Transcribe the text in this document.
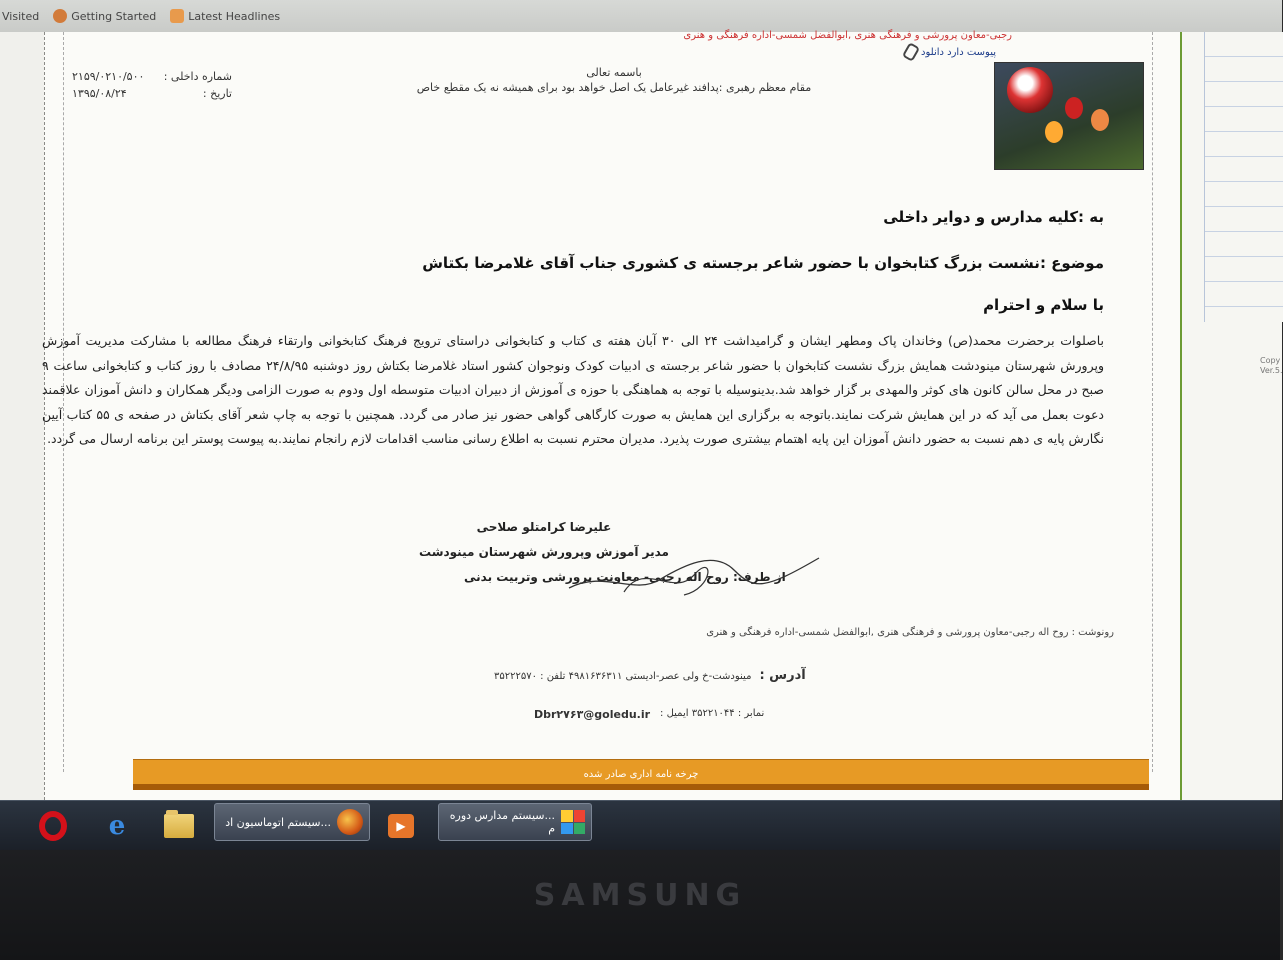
Visited	Getting Started	Latest Headlines
رجبی-معاون پرورشی و فرهنگی هنری ,ابوالفضل شمسی-اداره فرهنگی و هنری
پیوست دارد دانلود
باسمه تعالی
مقام معظم رهبری :پدافند غیرعامل یک اصل خواهد بود برای همیشه نه یک مقطع خاص
شماره داخلی :
۲۱۵۹/۰۲۱۰/۵۰۰
تاریخ :
۱۳۹۵/۰۸/۲۴
به :کلیه مدارس و دوایر داخلی
موضوع :نشست بزرگ کتابخوان با حضور شاعر برجسته ی کشوری جناب آقای غلامرضا بکتاش
با سلام و احترام
باصلوات برحضرت محمد(ص) وخاندان پاک ومطهر ایشان و گرامیداشت ۲۴ الی ۳۰ آبان هفته ی کتاب و کتابخوانی دراستای ترویج فرهنگ کتابخوانی وارتقاء فرهنگ مطالعه با مشارکت مدیریت آموزش وپرورش شهرستان مینودشت همایش بزرگ نشست کتابخوان با حضور شاعر برجسته ی ادبیات کودک ونوجوان کشور استاد غلامرضا بکتاش روز دوشنبه ۲۴/۸/۹۵ مصادف با روز کتاب و کتابخوانی ساعت ۹ صبح در محل سالن کانون های کوثر والمهدی بر گزار خواهد شد.بدینوسیله با توجه به هماهنگی با حوزه ی آموزش از دبیران ادبیات متوسطه اول ودوم به صورت الزامی ودیگر همکاران و دانش آموزان علاقمند دعوت بعمل می آید که در این همایش شرکت نمایند.باتوجه به برگزاری این همایش به صورت کارگاهی گواهی حضور نیز صادر می گردد. همچنین با توجه به چاپ شعر آقای بکتاش در صفحه ی ۵۵ کتاب آیین نگارش پایه ی دهم نسبت به حضور دانش آموزان این پایه اهتمام بیشتری صورت پذیرد. مدیران محترم نسبت به اطلاع رسانی مناسب اقدامات لازم رانجام نمایند.به پیوست پوستر این برنامه ارسال می گردد.
علیرضا کرامتلو صلاحی
مدیر آموزش وپرورش شهرستان مینودشت
از طرف: روح اله رجبی- معاونت پرورشی وتربیت بدنی
رونوشت : روح اله رجبی-معاون پرورشی و فرهنگی هنری ,ابوالفضل شمسی-اداره فرهنگی و هنری
آدرس :
مینودشت-خ ولی عصر-ادیستی ۴۹۸۱۶۳۶۳۱۱ تلفن : ۳۵۲۲۲۵۷۰
نمابر : ۳۵۲۲۱۰۴۴ ایمیل :
Dbr۲۷۶۳@goledu.ir
چرخه نامه اداری صادر شده
Copy
Ver.5.
e	...سیستم اتوماسیون اد	▶
...سیستم مدارس دوره م
SAMSUNG
